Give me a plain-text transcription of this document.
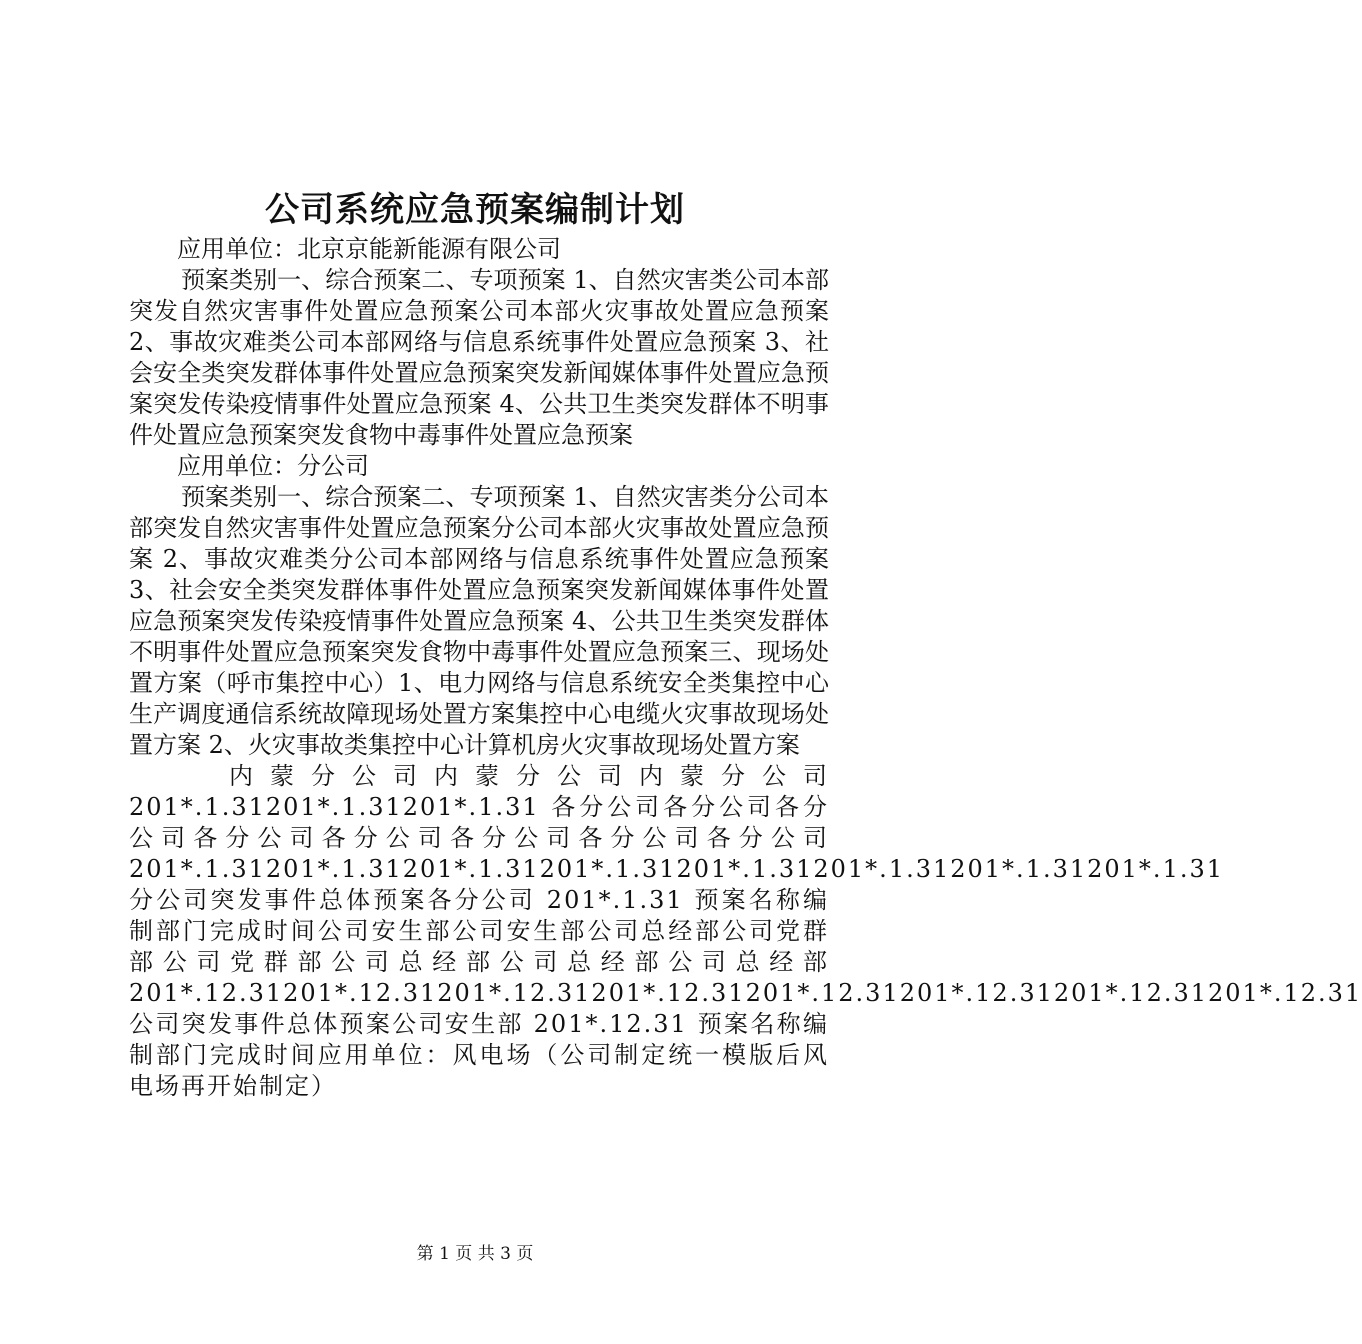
公司系统应急预案编制计划

应用单位：北京京能新能源有限公司

预案类别一、综合预案二、专项预案 1、自然灾害类公司本部突发自然灾害事件处置应急预案公司本部火灾事故处置应急预案 2、事故灾难类公司本部网络与信息系统事件处置应急预案 3、社会安全类突发群体事件处置应急预案突发新闻媒体事件处置应急预案突发传染疫情事件处置应急预案 4、公共卫生类突发群体不明事件处置应急预案突发食物中毒事件处置应急预案

应用单位：分公司

预案类别一、综合预案二、专项预案 1、自然灾害类分公司本部突发自然灾害事件处置应急预案分公司本部火灾事故处置应急预案 2、事故灾难类分公司本部网络与信息系统事件处置应急预案 3、社会安全类突发群体事件处置应急预案突发新闻媒体事件处置应急预案突发传染疫情事件处置应急预案 4、公共卫生类突发群体不明事件处置应急预案突发食物中毒事件处置应急预案三、现场处置方案（呼市集控中心）1、电力网络与信息系统安全类集控中心生产调度通信系统故障现场处置方案集控中心电缆火灾事故现场处置方案 2、火灾事故类集控中心计算机房火灾事故现场处置方案

内蒙分公司内蒙分公司内蒙分公司 201*.1.31201*.1.31201*.1.31 各分公司各分公司各分公司各分公司各分公司各分公司各分公司各分公司 201*.1.31201*.1.31201*.1.31201*.1.31201*.1.31201*.1.31201*.1.31201*.1.31 分公司突发事件总体预案各分公司 201*.1.31 预案名称编制部门完成时间公司安生部公司安生部公司总经部公司党群部公司党群部公司总经部公司总经部公司总经部 201*.12.31201*.12.31201*.12.31201*.12.31201*.12.31201*.12.31201*.12.31201*.12.31 公司突发事件总体预案公司安生部 201*.12.31 预案名称编制部门完成时间应用单位：风电场（公司制定统一模版后风电场再开始制定）

第 1 页 共 3 页
